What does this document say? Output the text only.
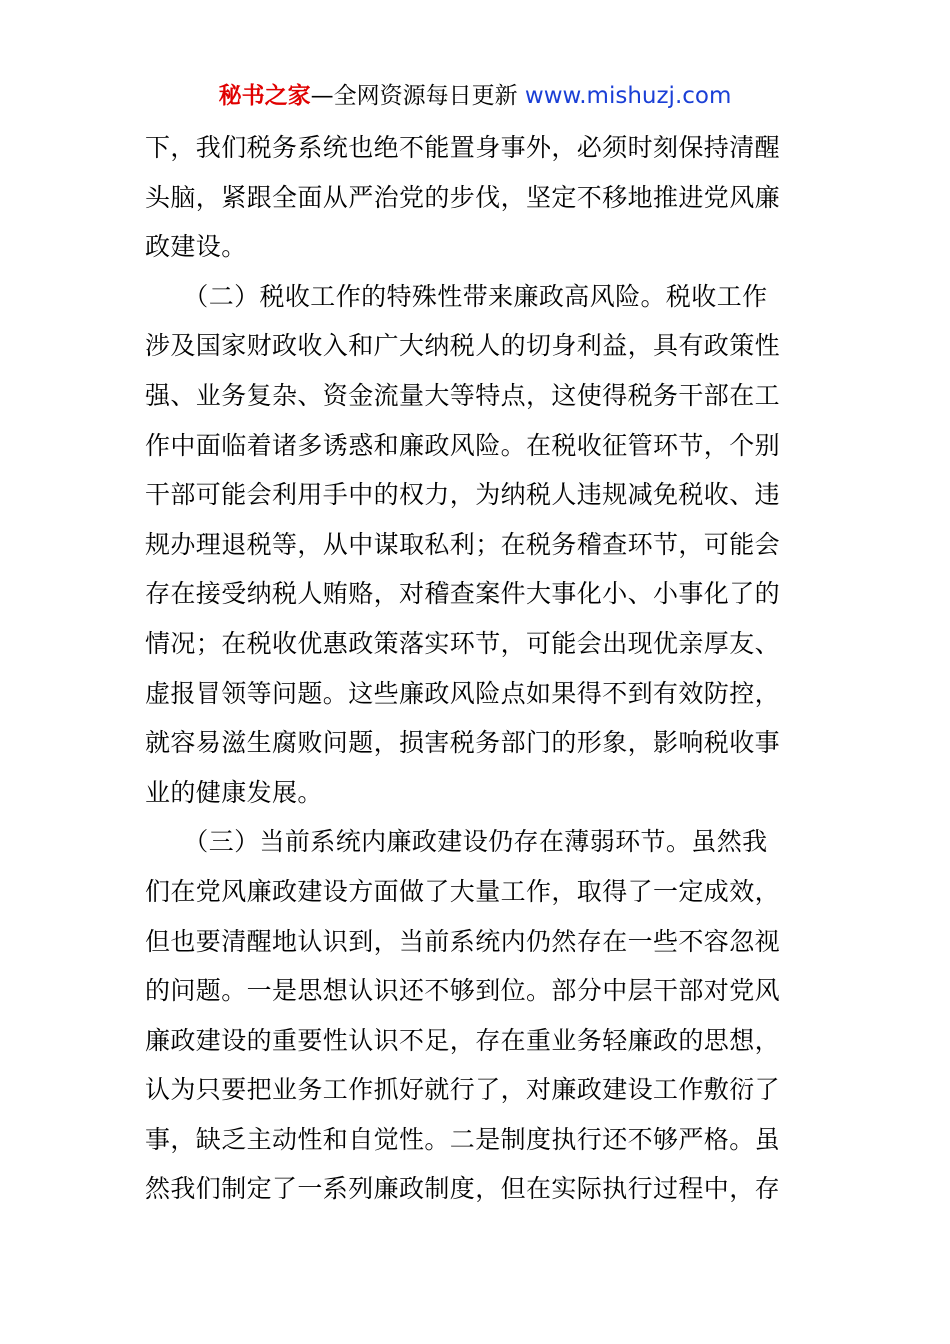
秘书之家—全网资源每日更新 www.mishuzj.com
下，我们税务系统也绝不能置身事外，必须时刻保持清醒
头脑，紧跟全面从严治党的步伐，坚定不移地推进党风廉
政建设。
　　（二）税收工作的特殊性带来廉政高风险。税收工作
涉及国家财政收入和广大纳税人的切身利益，具有政策性
强、业务复杂、资金流量大等特点，这使得税务干部在工
作中面临着诸多诱惑和廉政风险。在税收征管环节，个别
干部可能会利用手中的权力，为纳税人违规减免税收、违
规办理退税等，从中谋取私利；在税务稽查环节，可能会
存在接受纳税人贿赂，对稽查案件大事化小、小事化了的
情况；在税收优惠政策落实环节，可能会出现优亲厚友、
虚报冒领等问题。这些廉政风险点如果得不到有效防控，
就容易滋生腐败问题，损害税务部门的形象，影响税收事
业的健康发展。
　　（三）当前系统内廉政建设仍存在薄弱环节。虽然我
们在党风廉政建设方面做了大量工作，取得了一定成效，
但也要清醒地认识到，当前系统内仍然存在一些不容忽视
的问题。一是思想认识还不够到位。部分中层干部对党风
廉政建设的重要性认识不足，存在重业务轻廉政的思想，
认为只要把业务工作抓好就行了，对廉政建设工作敷衍了
事，缺乏主动性和自觉性。二是制度执行还不够严格。虽
然我们制定了一系列廉政制度，但在实际执行过程中，存
